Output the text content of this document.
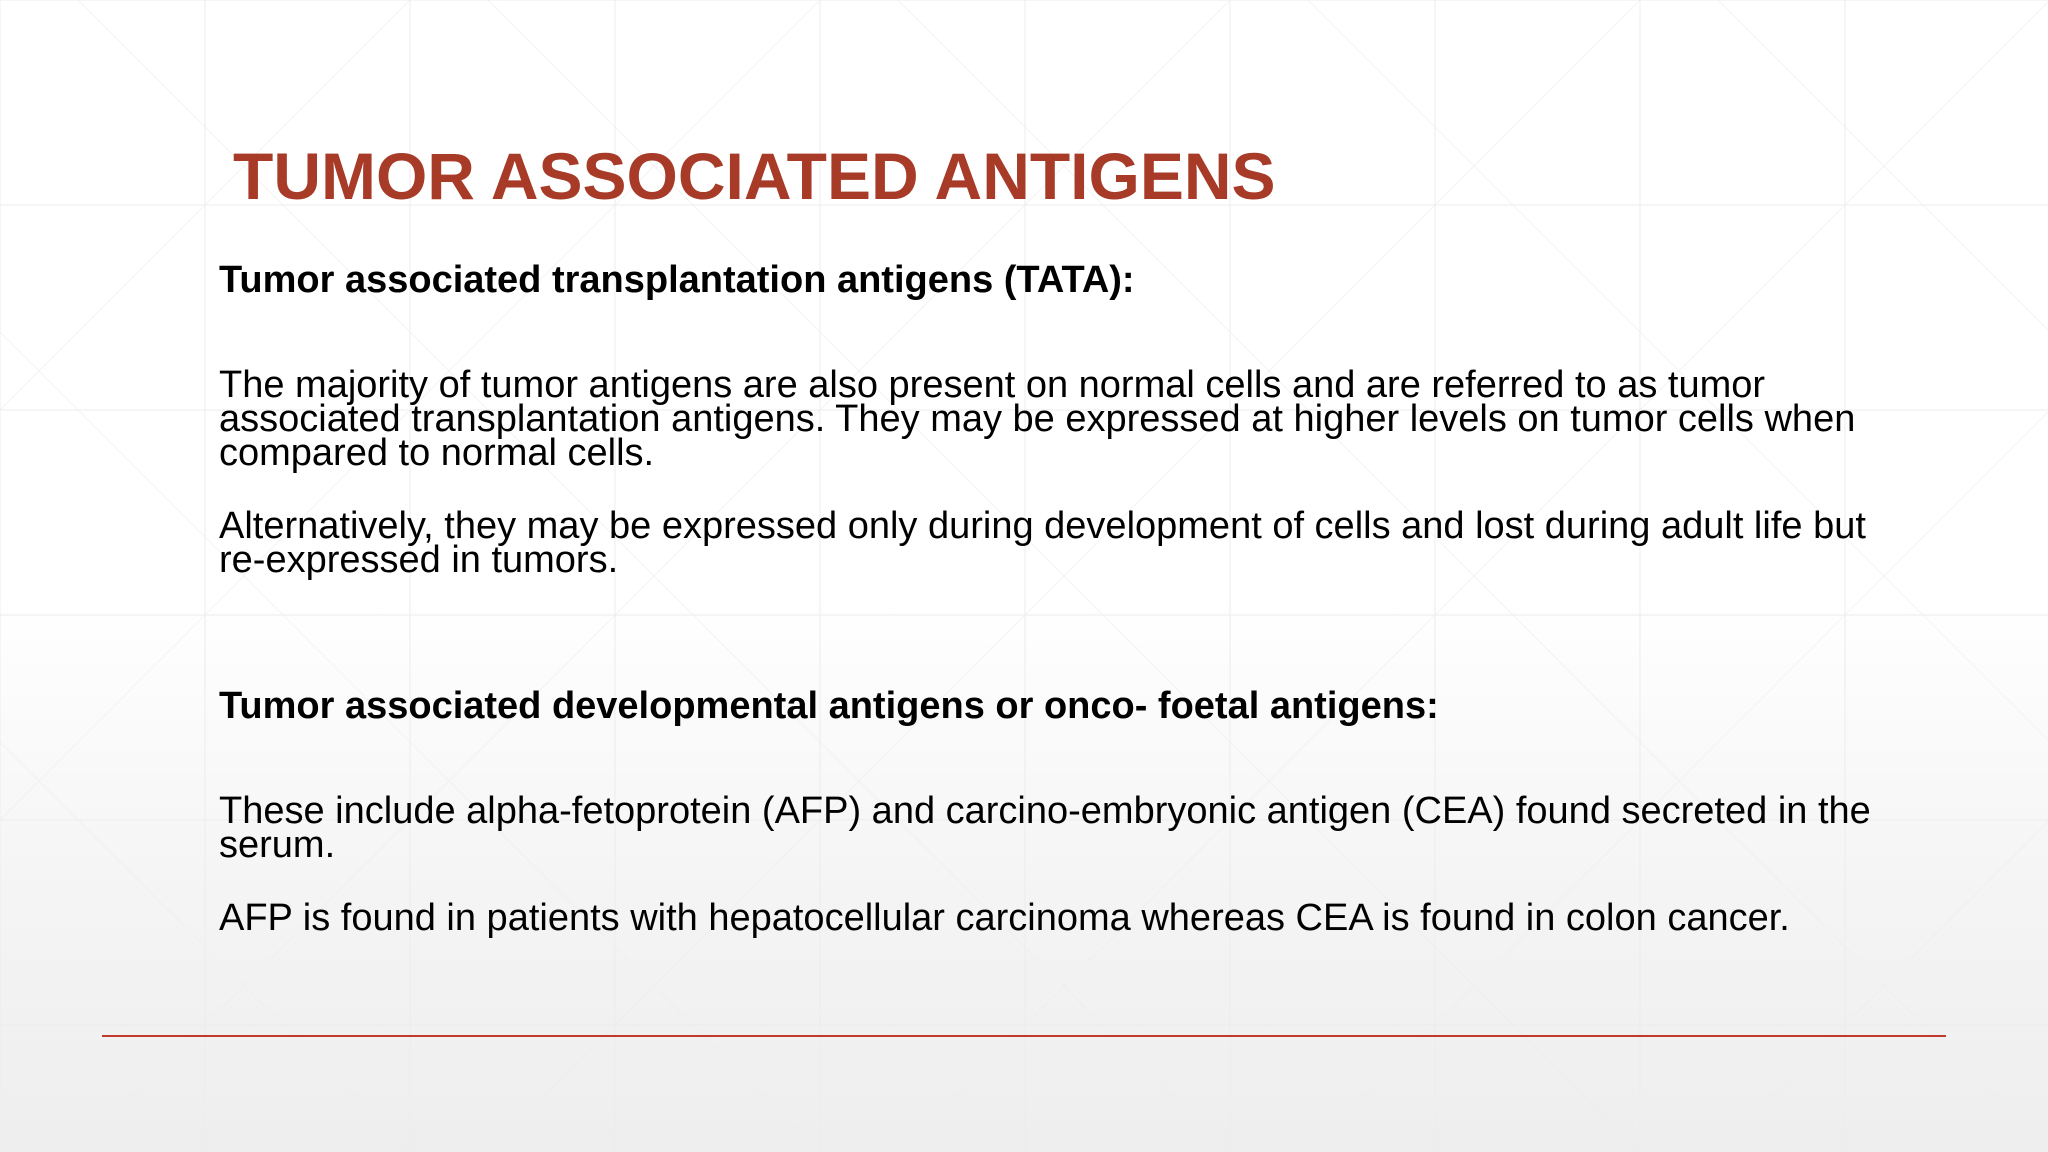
TUMOR ASSOCIATED ANTIGENS
Tumor associated transplantation antigens (TATA):

The majority of tumor antigens are also present on normal cells and are referred to as tumor associated transplantation antigens. They may be expressed at higher levels on tumor cells when compared to normal cells.

Alternatively, they may be expressed only during development of cells and lost during adult life but re-expressed in tumors.

Tumor associated developmental antigens or onco- foetal antigens:

These include alpha-fetoprotein (AFP) and carcino-embryonic antigen (CEA) found secreted in the serum.

AFP is found in patients with hepatocellular carcinoma whereas CEA is found in colon cancer.
